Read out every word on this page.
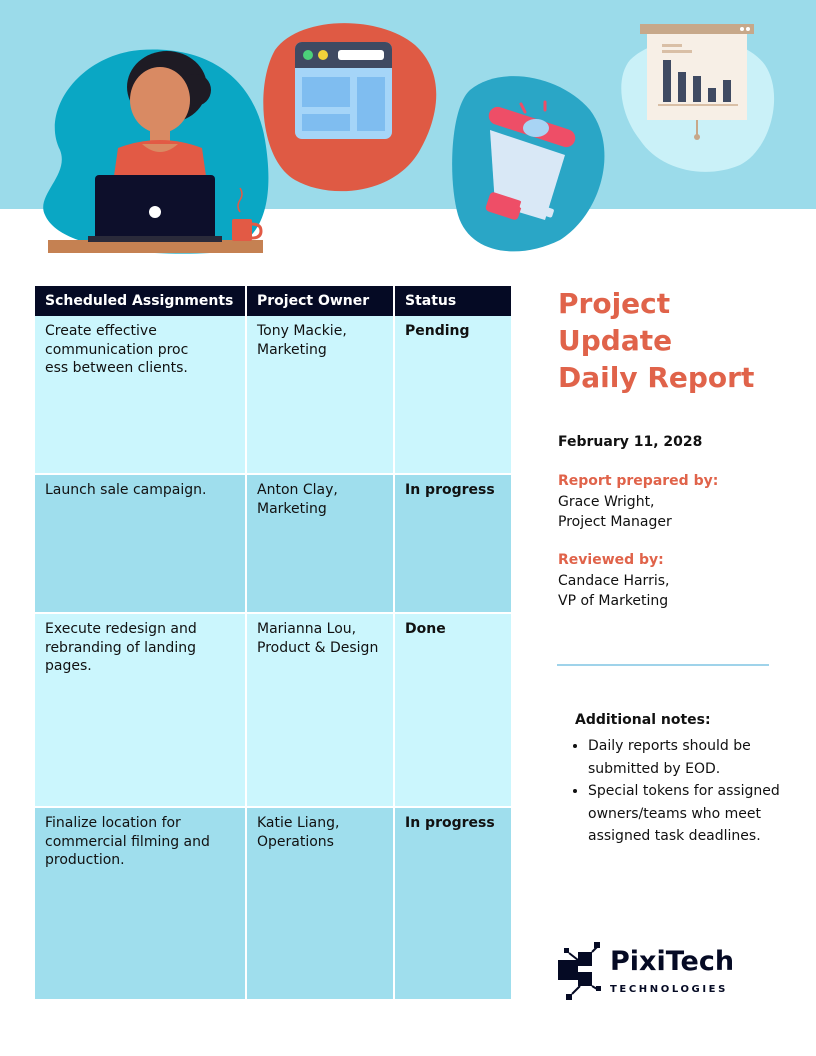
Scheduled Assignments	Project Owner	Status
Create effective
communication proc
ess between clients.	Tony Mackie,
Marketing	Pending
Launch sale campaign.	Anton Clay,
Marketing	In progress
Execute redesign and
rebranding of landing
pages.	Marianna Lou,
Product & Design	Done
Finalize location for
commercial filming and
production.	Katie Liang,
Operations	In progress
Project
Update
Daily Report
February 11, 2028
Report prepared by:
Grace Wright,
Project Manager
Reviewed by:
Candace Harris,
VP of Marketing
Additional notes:
• Daily reports should be submitted by EOD.
• Special tokens for assigned owners/teams who meet assigned task deadlines.
PixiTech
TECHNOLOGIES
